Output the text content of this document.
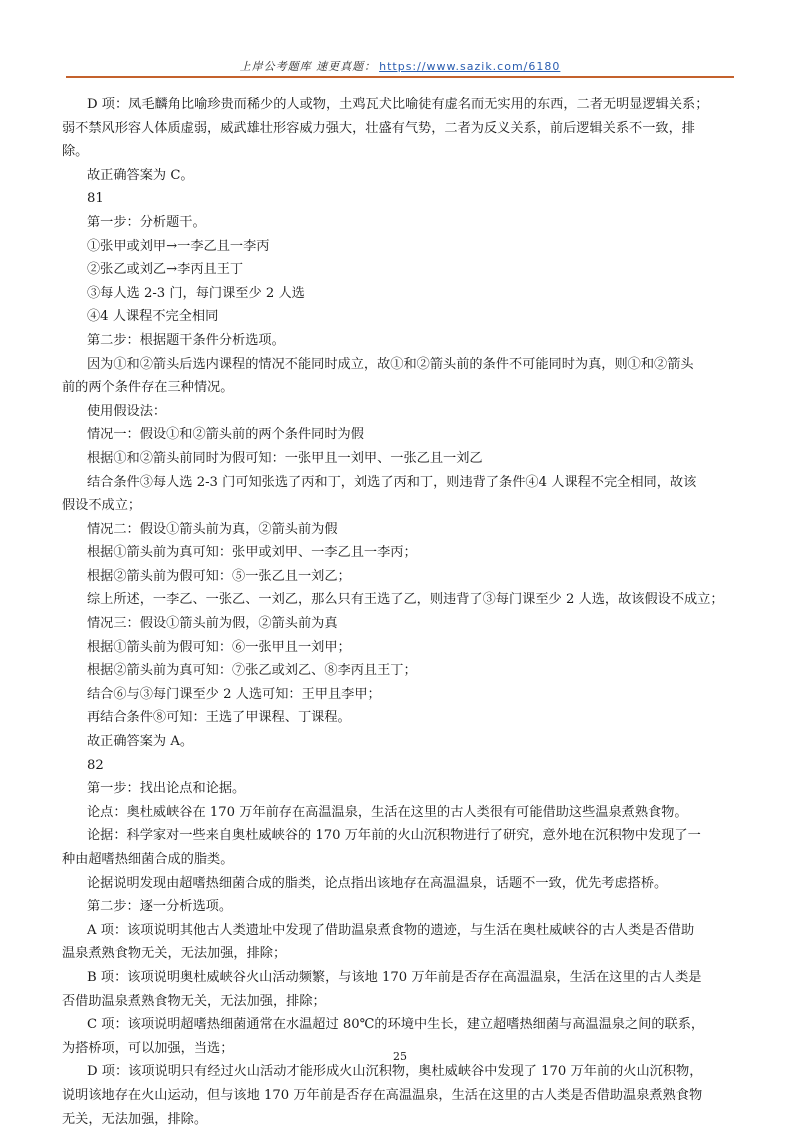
上岸公考题库 速更真题： https://www.sazik.com/6180

D 项：凤毛麟角比喻珍贵而稀少的人或物，土鸡瓦犬比喻徒有虚名而无实用的东西，二者无明显逻辑关系；

弱不禁风形容人体质虚弱，威武雄壮形容威力强大，壮盛有气势，二者为反义关系，前后逻辑关系不一致，排

除。

故正确答案为 C。

81

第一步：分析题干。

①张甲或刘甲→一李乙且一李丙

②张乙或刘乙→李丙且王丁

③每人选 2-3 门，每门课至少 2 人选

④4 人课程不完全相同

第二步：根据题干条件分析选项。

因为①和②箭头后选内课程的情况不能同时成立，故①和②箭头前的条件不可能同时为真，则①和②箭头

前的两个条件存在三种情况。

使用假设法：

情况一：假设①和②箭头前的两个条件同时为假

根据①和②箭头前同时为假可知：一张甲且一刘甲、一张乙且一刘乙

结合条件③每人选 2-3 门可知张选了丙和丁，刘选了丙和丁，则违背了条件④4 人课程不完全相同，故该

假设不成立；

情况二：假设①箭头前为真，②箭头前为假

根据①箭头前为真可知：张甲或刘甲、一李乙且一李丙；

根据②箭头前为假可知：⑤一张乙且一刘乙；

综上所述，一李乙、一张乙、一刘乙，那么只有王选了乙，则违背了③每门课至少 2 人选，故该假设不成立；

情况三：假设①箭头前为假，②箭头前为真

根据①箭头前为假可知：⑥一张甲且一刘甲；

根据②箭头前为真可知：⑦张乙或刘乙、⑧李丙且王丁；

结合⑥与③每门课至少 2 人选可知：王甲且李甲；

再结合条件⑧可知：王选了甲课程、丁课程。

故正确答案为 A。

82

第一步：找出论点和论据。

论点：奥杜威峡谷在 170 万年前存在高温温泉，生活在这里的古人类很有可能借助这些温泉煮熟食物。

论据：科学家对一些来自奥杜威峡谷的 170 万年前的火山沉积物进行了研究，意外地在沉积物中发现了一

种由超嗜热细菌合成的脂类。

论据说明发现由超嗜热细菌合成的脂类，论点指出该地存在高温温泉，话题不一致，优先考虑搭桥。

第二步：逐一分析选项。

A 项：该项说明其他古人类遗址中发现了借助温泉煮食物的遗迹，与生活在奥杜威峡谷的古人类是否借助

温泉煮熟食物无关，无法加强，排除；

B 项：该项说明奥杜威峡谷火山活动频繁，与该地 170 万年前是否存在高温温泉，生活在这里的古人类是

否借助温泉煮熟食物无关，无法加强，排除；

C 项：该项说明超嗜热细菌通常在水温超过 80℃的环境中生长，建立超嗜热细菌与高温温泉之间的联系，

为搭桥项，可以加强，当选；

D 项：该项说明只有经过火山活动才能形成火山沉积物，奥杜威峡谷中发现了 170 万年前的火山沉积物，

说明该地存在火山运动，但与该地 170 万年前是否存在高温温泉，生活在这里的古人类是否借助温泉煮熟食物

无关，无法加强，排除。

25
